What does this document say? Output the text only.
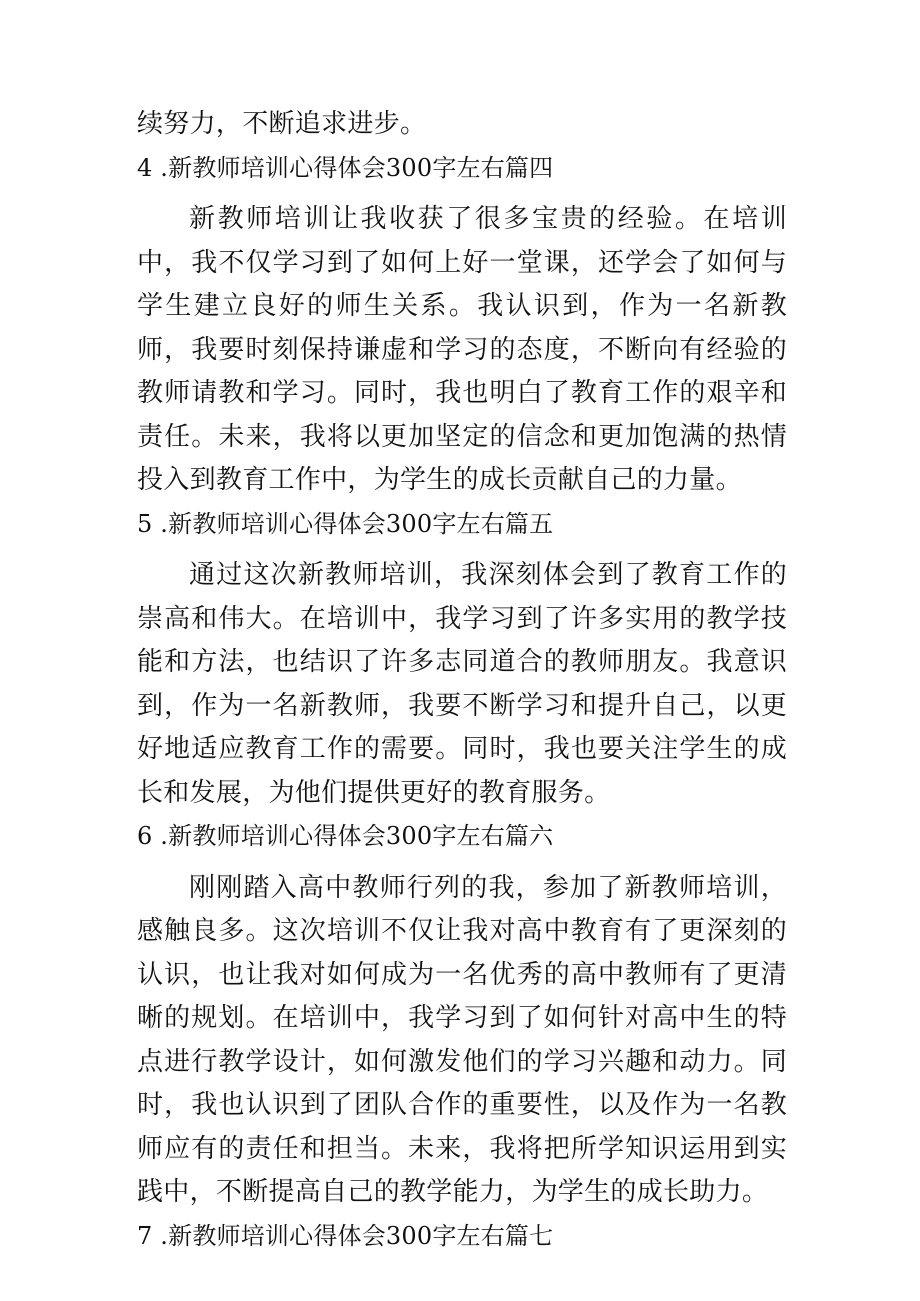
续努力，不断追求进步。

4 .新教师培训心得体会300字左右篇四

新教师培训让我收获了很多宝贵的经验。在培训中，我不仅学习到了如何上好一堂课，还学会了如何与学生建立良好的师生关系。我认识到，作为一名新教师，我要时刻保持谦虚和学习的态度，不断向有经验的教师请教和学习。同时，我也明白了教育工作的艰辛和责任。未来，我将以更加坚定的信念和更加饱满的热情投入到教育工作中，为学生的成长贡献自己的力量。

5 .新教师培训心得体会300字左右篇五

通过这次新教师培训，我深刻体会到了教育工作的崇高和伟大。在培训中，我学习到了许多实用的教学技能和方法，也结识了许多志同道合的教师朋友。我意识到，作为一名新教师，我要不断学习和提升自己，以更好地适应教育工作的需要。同时，我也要关注学生的成长和发展，为他们提供更好的教育服务。

6 .新教师培训心得体会300字左右篇六

刚刚踏入高中教师行列的我，参加了新教师培训，感触良多。这次培训不仅让我对高中教育有了更深刻的认识，也让我对如何成为一名优秀的高中教师有了更清晰的规划。在培训中，我学习到了如何针对高中生的特点进行教学设计，如何激发他们的学习兴趣和动力。同时，我也认识到了团队合作的重要性，以及作为一名教师应有的责任和担当。未来，我将把所学知识运用到实践中，不断提高自己的教学能力，为学生的成长助力。

7 .新教师培训心得体会300字左右篇七
